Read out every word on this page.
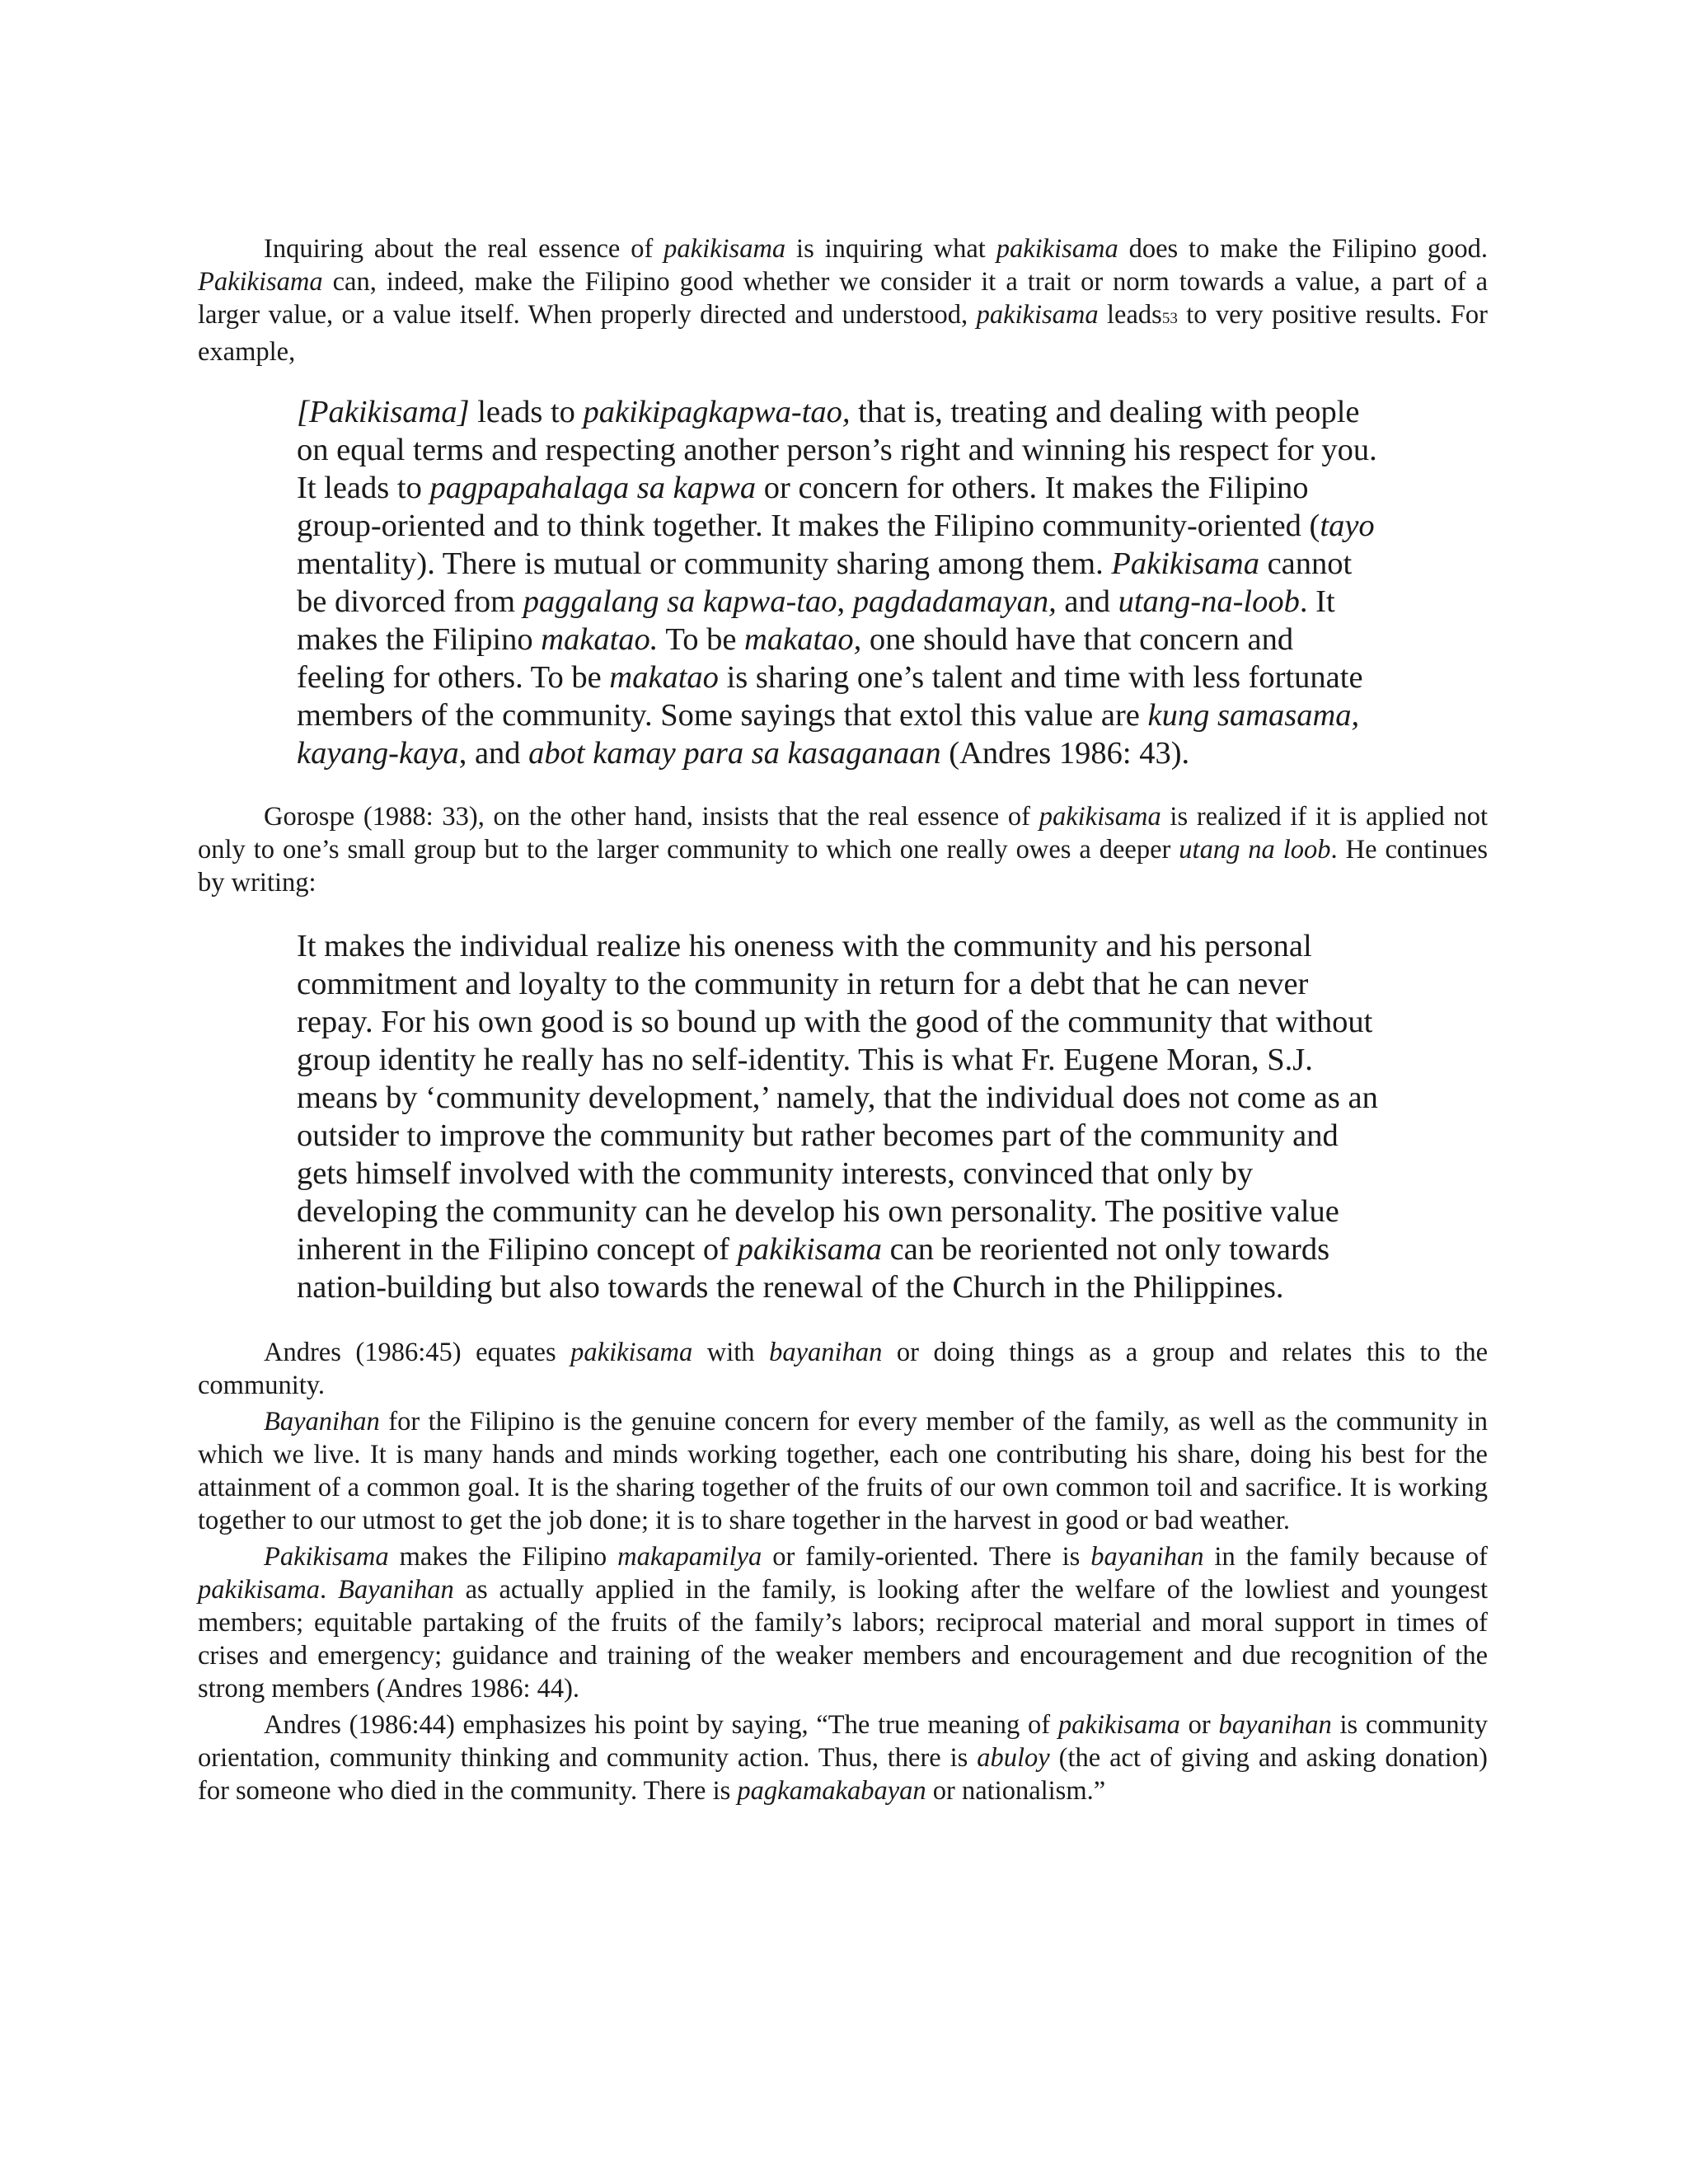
Inquiring about the real essence of pakikisama is inquiring what pakikisama does to make the Filipino good. Pakikisama can, indeed, make the Filipino good whether we consider it a trait or norm towards a value, a part of a larger value, or a value itself. When properly directed and understood, pakikisama leads53 to very positive results. For example,

[Pakikisama] leads to pakikipagkapwa-tao, that is, treating and dealing with people on equal terms and respecting another person’s right and winning his respect for you. It leads to pagpapahalaga sa kapwa or concern for others. It makes the Filipino group-oriented and to think together. It makes the Filipino community-oriented (tayo mentality). There is mutual or community sharing among them. Pakikisama cannot be divorced from paggalang sa kapwa-tao, pagdadamayan, and utang-na-loob. It makes the Filipino makatao. To be makatao, one should have that concern and feeling for others. To be makatao is sharing one’s talent and time with less fortunate members of the community. Some sayings that extol this value are kung samasama, kayang-kaya, and abot kamay para sa kasaganaan (Andres 1986: 43).

Gorospe (1988: 33), on the other hand, insists that the real essence of pakikisama is realized if it is applied not only to one’s small group but to the larger community to which one really owes a deeper utang na loob. He continues by writing:

It makes the individual realize his oneness with the community and his personal commitment and loyalty to the community in return for a debt that he can never repay. For his own good is so bound up with the good of the community that without group identity he really has no self-identity. This is what Fr. Eugene Moran, S.J. means by ‘community development,’ namely, that the individual does not come as an outsider to improve the community but rather becomes part of the community and gets himself involved with the community interests, convinced that only by developing the community can he develop his own personality. The positive value inherent in the Filipino concept of pakikisama can be reoriented not only towards nation-building but also towards the renewal of the Church in the Philippines.

Andres (1986:45) equates pakikisama with bayanihan or doing things as a group and relates this to the community.

Bayanihan for the Filipino is the genuine concern for every member of the family, as well as the community in which we live. It is many hands and minds working together, each one contributing his share, doing his best for the attainment of a common goal. It is the sharing together of the fruits of our own common toil and sacrifice. It is working together to our utmost to get the job done; it is to share together in the harvest in good or bad weather.

Pakikisama makes the Filipino makapamilya or family-oriented. There is bayanihan in the family because of pakikisama. Bayanihan as actually applied in the family, is looking after the welfare of the lowliest and youngest members; equitable partaking of the fruits of the family’s labors; reciprocal material and moral support in times of crises and emergency; guidance and training of the weaker members and encouragement and due recognition of the strong members (Andres 1986: 44).

Andres (1986:44) emphasizes his point by saying, “The true meaning of pakikisama or bayanihan is community orientation, community thinking and community action. Thus, there is abuloy (the act of giving and asking donation) for someone who died in the community. There is pagkamakabayan or nationalism.”
